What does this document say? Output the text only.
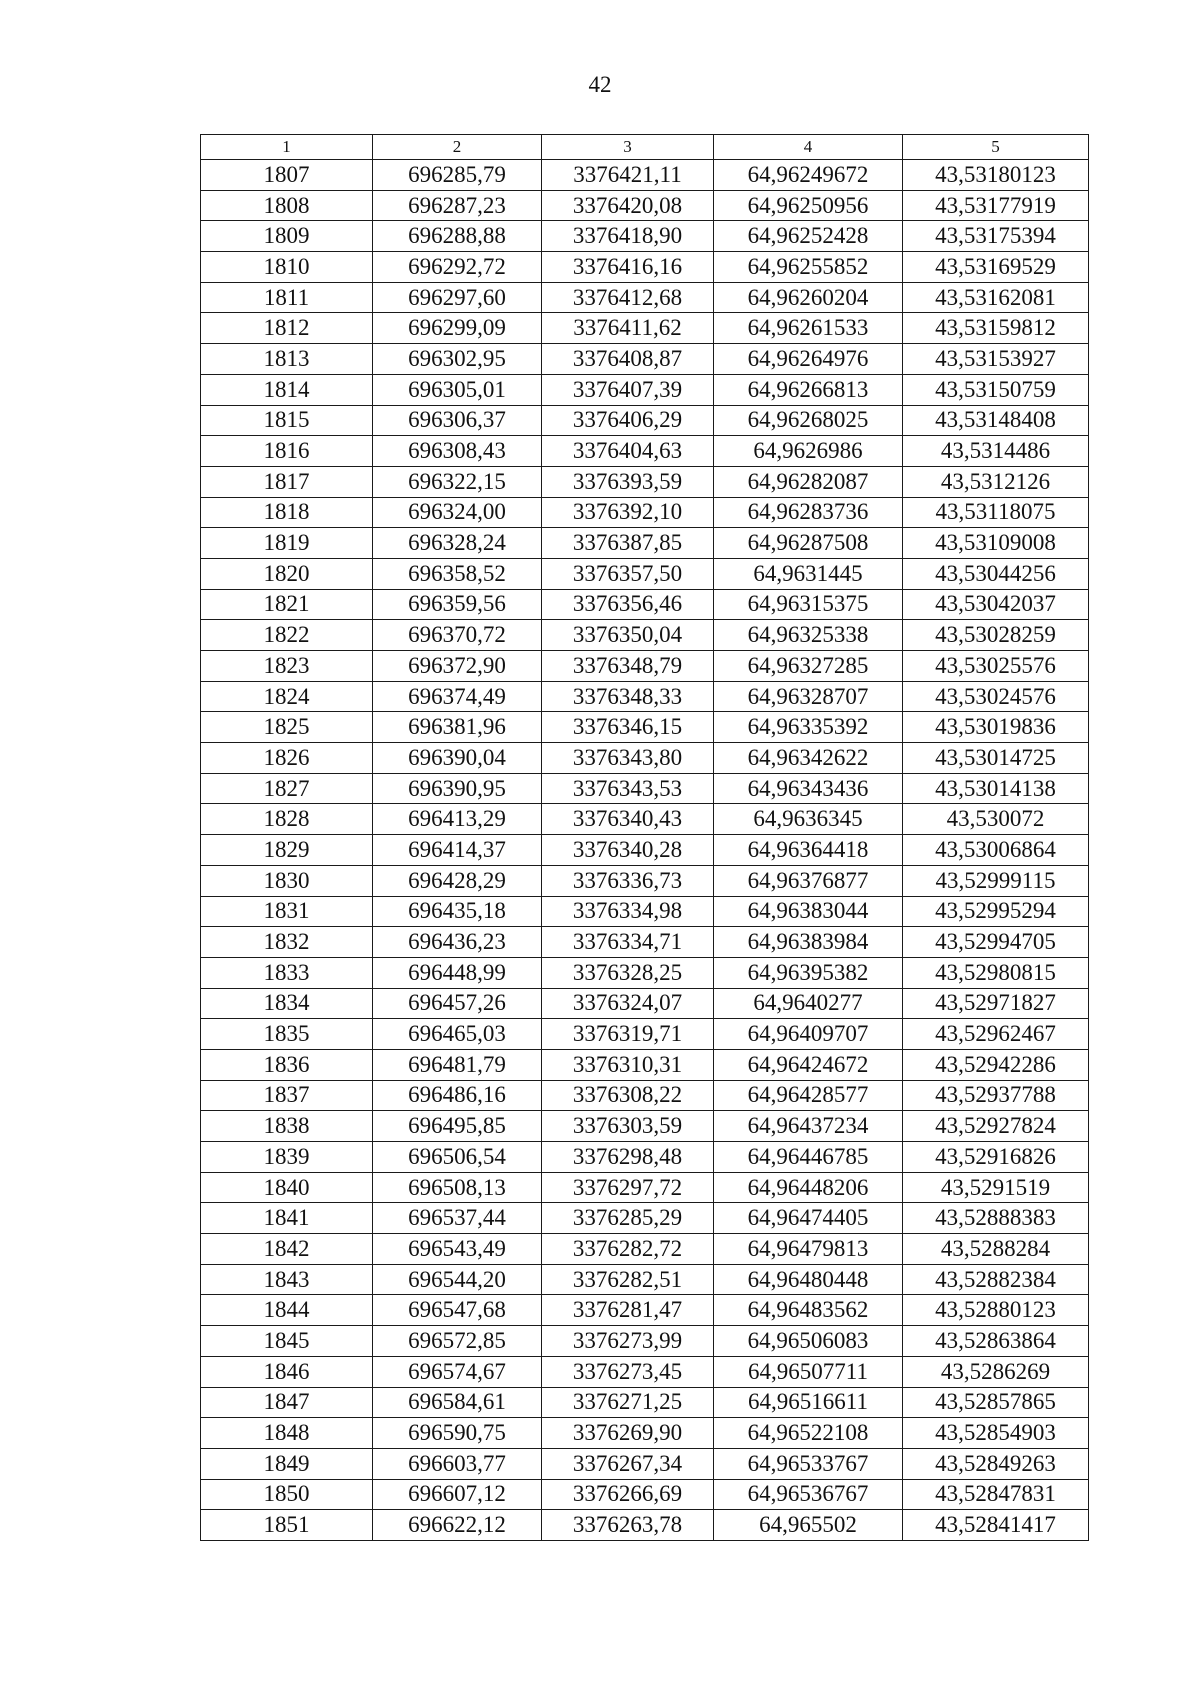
42
1	2	3	4	5
1807	696285,79	3376421,11	64,96249672	43,53180123
1808	696287,23	3376420,08	64,96250956	43,53177919
1809	696288,88	3376418,90	64,96252428	43,53175394
1810	696292,72	3376416,16	64,96255852	43,53169529
1811	696297,60	3376412,68	64,96260204	43,53162081
1812	696299,09	3376411,62	64,96261533	43,53159812
1813	696302,95	3376408,87	64,96264976	43,53153927
1814	696305,01	3376407,39	64,96266813	43,53150759
1815	696306,37	3376406,29	64,96268025	43,53148408
1816	696308,43	3376404,63	64,9626986	43,5314486
1817	696322,15	3376393,59	64,96282087	43,5312126
1818	696324,00	3376392,10	64,96283736	43,53118075
1819	696328,24	3376387,85	64,96287508	43,53109008
1820	696358,52	3376357,50	64,9631445	43,53044256
1821	696359,56	3376356,46	64,96315375	43,53042037
1822	696370,72	3376350,04	64,96325338	43,53028259
1823	696372,90	3376348,79	64,96327285	43,53025576
1824	696374,49	3376348,33	64,96328707	43,53024576
1825	696381,96	3376346,15	64,96335392	43,53019836
1826	696390,04	3376343,80	64,96342622	43,53014725
1827	696390,95	3376343,53	64,96343436	43,53014138
1828	696413,29	3376340,43	64,9636345	43,530072
1829	696414,37	3376340,28	64,96364418	43,53006864
1830	696428,29	3376336,73	64,96376877	43,52999115
1831	696435,18	3376334,98	64,96383044	43,52995294
1832	696436,23	3376334,71	64,96383984	43,52994705
1833	696448,99	3376328,25	64,96395382	43,52980815
1834	696457,26	3376324,07	64,9640277	43,52971827
1835	696465,03	3376319,71	64,96409707	43,52962467
1836	696481,79	3376310,31	64,96424672	43,52942286
1837	696486,16	3376308,22	64,96428577	43,52937788
1838	696495,85	3376303,59	64,96437234	43,52927824
1839	696506,54	3376298,48	64,96446785	43,52916826
1840	696508,13	3376297,72	64,96448206	43,5291519
1841	696537,44	3376285,29	64,96474405	43,52888383
1842	696543,49	3376282,72	64,96479813	43,5288284
1843	696544,20	3376282,51	64,96480448	43,52882384
1844	696547,68	3376281,47	64,96483562	43,52880123
1845	696572,85	3376273,99	64,96506083	43,52863864
1846	696574,67	3376273,45	64,96507711	43,5286269
1847	696584,61	3376271,25	64,96516611	43,52857865
1848	696590,75	3376269,90	64,96522108	43,52854903
1849	696603,77	3376267,34	64,96533767	43,52849263
1850	696607,12	3376266,69	64,96536767	43,52847831
1851	696622,12	3376263,78	64,965502	43,52841417
